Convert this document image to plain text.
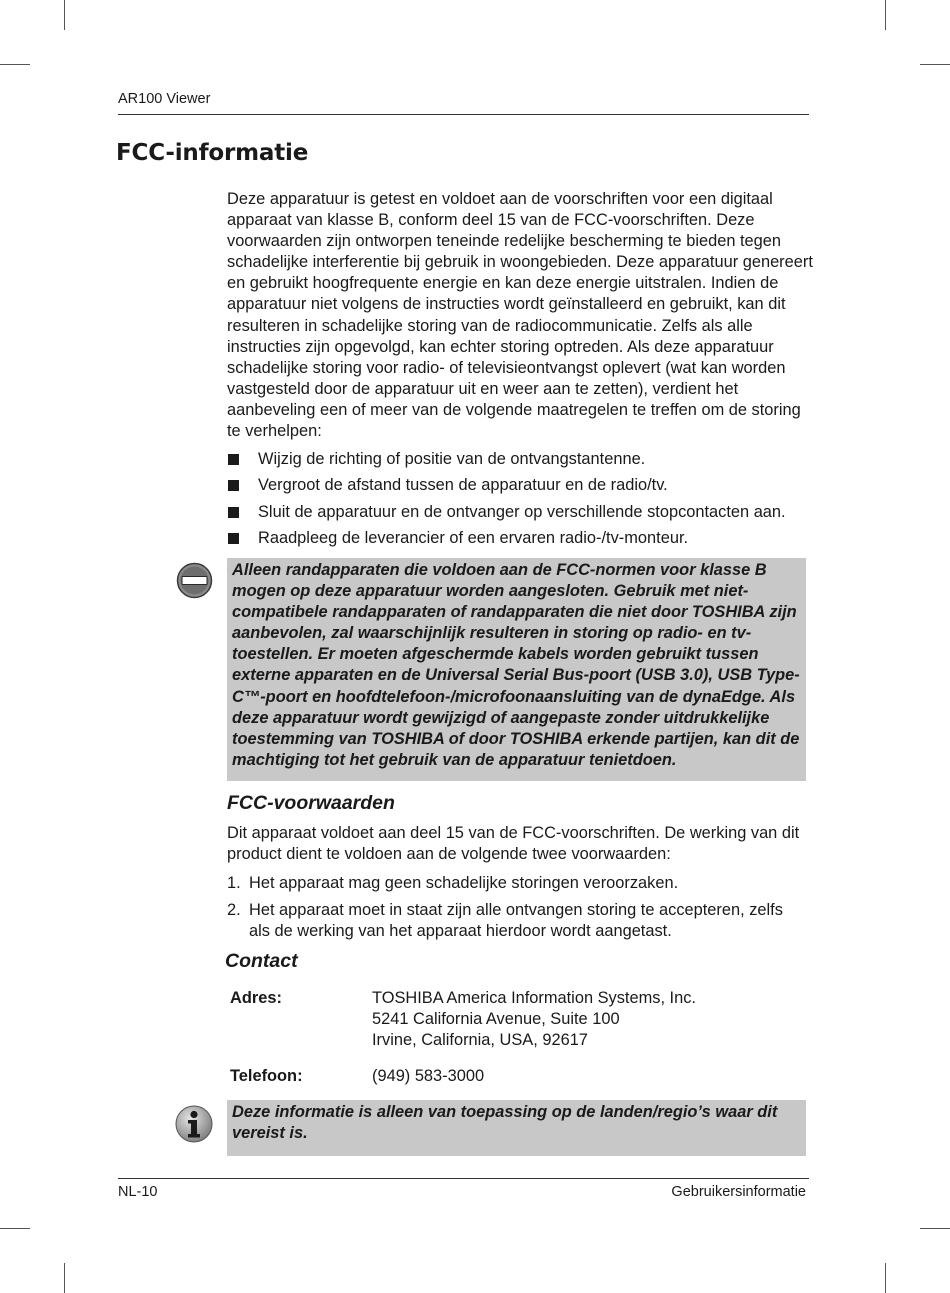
AR100 Viewer
FCC-informatie

Deze apparatuur is getest en voldoet aan de voorschriften voor een digitaal apparaat van klasse B, conform deel 15 van de FCC-voorschriften. Deze voorwaarden zijn ontworpen teneinde redelijke bescherming te bieden tegen schadelijke interferentie bij gebruik in woongebieden. Deze apparatuur genereert en gebruikt hoogfrequente energie en kan deze energie uitstralen. Indien de apparatuur niet volgens de instructies wordt geïnstalleerd en gebruikt, kan dit resulteren in schadelijke storing van de radiocommunicatie. Zelfs als alle instructies zijn opgevolgd, kan echter storing optreden. Als deze apparatuur schadelijke storing voor radio- of televisieontvangst oplevert (wat kan worden vastgesteld door de apparatuur uit en weer aan te zetten), verdient het aanbeveling een of meer van de volgende maatregelen te treffen om de storing te verhelpen:

Wijzig de richting of positie van de ontvangstantenne.
Vergroot de afstand tussen de apparatuur en de radio/tv.
Sluit de apparatuur en de ontvanger op verschillende stopcontacten aan.
Raadpleeg de leverancier of een ervaren radio-/tv-monteur.

Alleen randapparaten die voldoen aan de FCC-normen voor klasse B mogen op deze apparatuur worden aangesloten. Gebruik met niet-compatibele randapparaten of randapparaten die niet door TOSHIBA zijn aanbevolen, zal waarschijnlijk resulteren in storing op radio- en tv-toestellen. Er moeten afgeschermde kabels worden gebruikt tussen externe apparaten en de Universal Serial Bus-poort (USB 3.0), USB Type-C™-poort en hoofdtelefoon-/microfoonaansluiting van de dynaEdge. Als deze apparatuur wordt gewijzigd of aangepaste zonder uitdrukkelijke toestemming van TOSHIBA of door TOSHIBA erkende partijen, kan dit de machtiging tot het gebruik van de apparatuur tenietdoen.

FCC-voorwaarden

Dit apparaat voldoet aan deel 15 van de FCC-voorschriften. De werking van dit product dient te voldoen aan de volgende twee voorwaarden:

1. Het apparaat mag geen schadelijke storingen veroorzaken.
2. Het apparaat moet in staat zijn alle ontvangen storing te accepteren, zelfs als de werking van het apparaat hierdoor wordt aangetast.
Contact
Adres:	TOSHIBA America Information Systems, Inc.
5241 California Avenue, Suite 100
Irvine, California, USA, 92617

Telefoon:	(949) 583-3000

Deze informatie is alleen van toepassing op de landen/regio’s waar dit vereist is.

NL-10	Gebruikersinformatie
